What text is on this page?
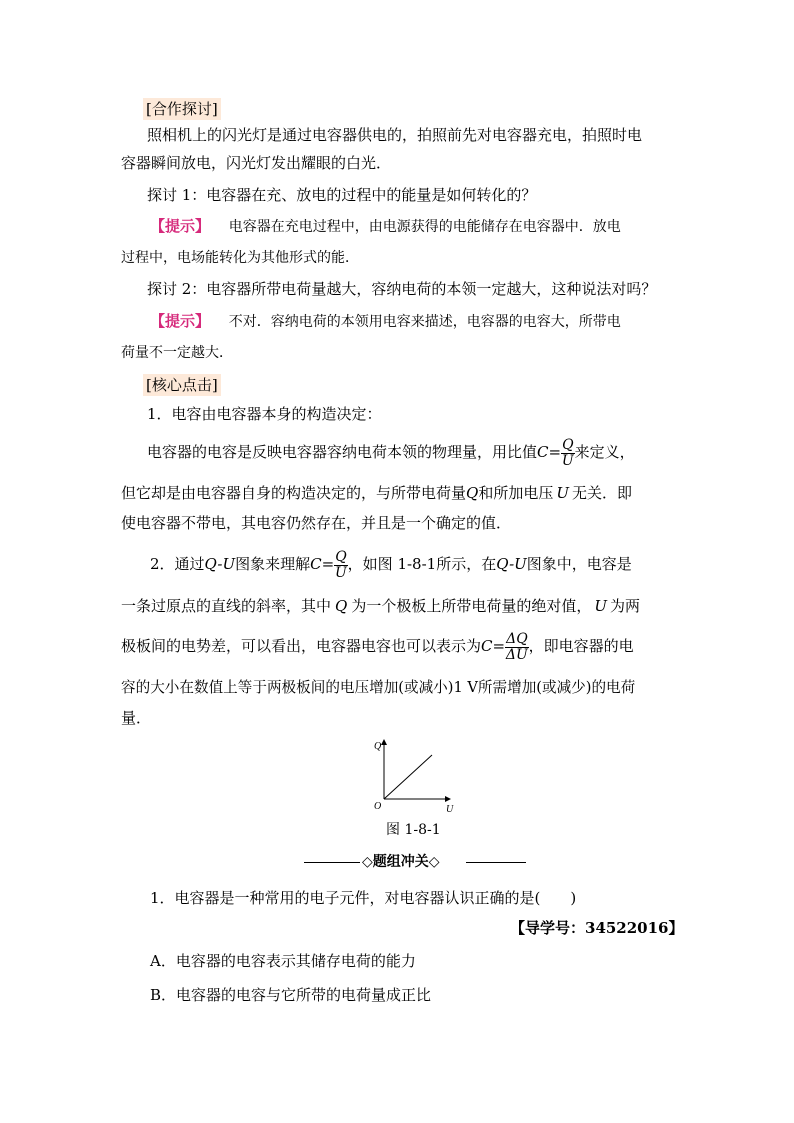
[合作探讨]
照相机上的闪光灯是通过电容器供电的，拍照前先对电容器充电，拍照时电
容器瞬间放电，闪光灯发出耀眼的白光．
探讨 1：电容器在充、放电的过程中的能量是如何转化的？
【提示】 电容器在充电过程中，由电源获得的电能储存在电容器中．放电
过程中，电场能转化为其他形式的能．
探讨 2：电容器所带电荷量越大，容纳电荷的本领一定越大，这种说法对吗？
【提示】 不对．容纳电荷的本领用电容来描述，电容器的电容大，所带电
荷量不一定越大．
[核心点击]
1．电容由电容器本身的构造决定：
电容器的电容是反映电容器容纳电荷本领的物理量，用比值$C= \frac{Q}{U}$ 来定义，
但它却是由电容器自身的构造决定的，与所带电荷量Q和所加电压 U 无关．即
使电容器不带电，其电容仍然存在，并且是一个确定的值．
2．通过Q-U图象来理解$C= \frac{Q}{U}$ ，如图 1-8-1所示，在Q-U图象中，电容是
一条过原点的直线的斜率，其中 Q 为一个极板上所带电荷量的绝对值， U 为两
极板间的电势差，可以看出，电容器电容也可以表示为$C= \frac{\Delta Q}{\Delta U}$ ，即电容器的电
容的大小在数值上等于两极板间的电压增加(或减小)1 V所需增加(或减少)的电荷
量．
Q
U
O
图 1-8-1
◇题组冲关◇
1．电容器是一种常用的电子元件，对电容器认识正确的是(　　)
【导学号：34522016】
A．电容器的电容表示其储存电荷的能力
B．电容器的电容与它所带的电荷量成正比
